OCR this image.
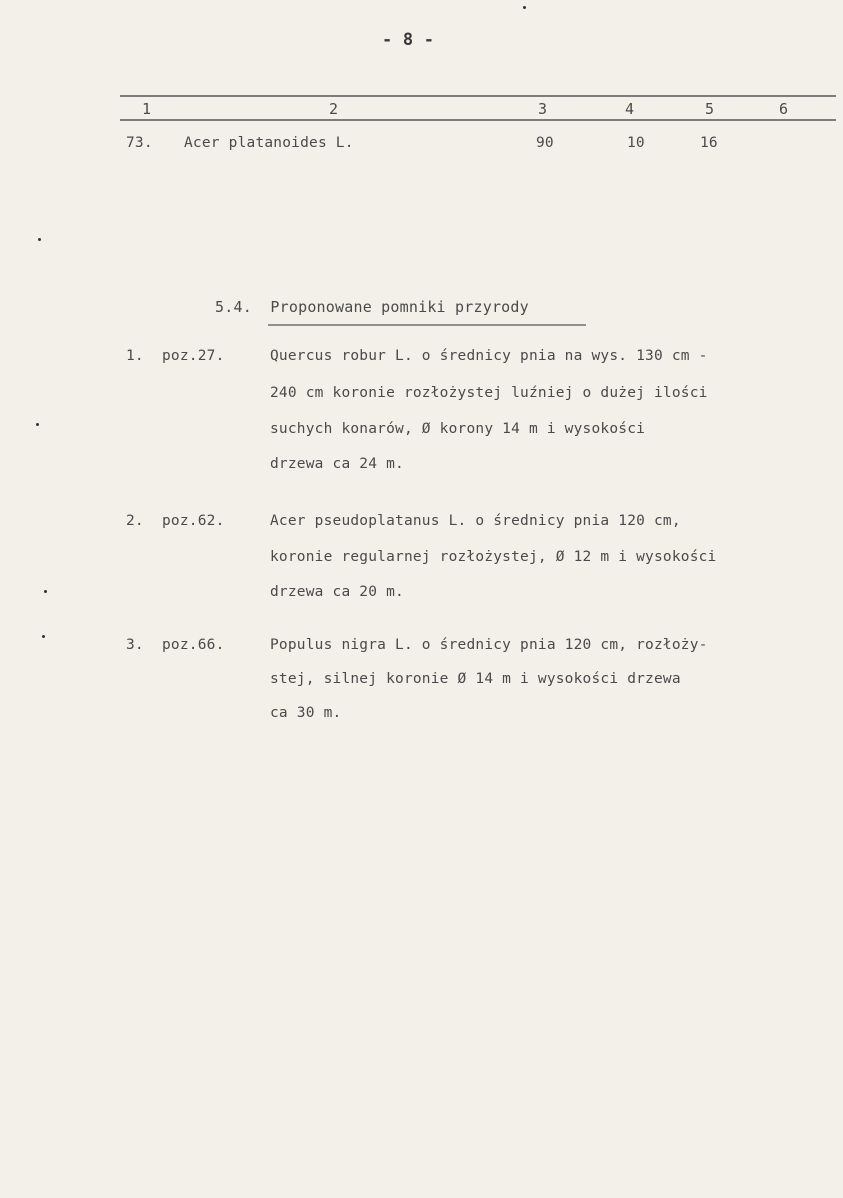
- 8 -
1	2	3	4	5	6
73. Acer platanoides L.	90	10	16
5.4. Proponowane pomniki przyrody
1. poz.27.	Quercus robur L. o średnicy pnia na wys. 130 cm -
240 cm koronie rozłożystej luźniej o dużej ilości
suchych konarów, Ø korony 14 m i wysokości
drzewa ca 24 m.
2. poz.62.	Acer pseudoplatanus L. o średnicy pnia 120 cm,
koronie regularnej rozłożystej, Ø 12 m i wysokości
drzewa ca 20 m.
3. poz.66.	Populus nigra L. o średnicy pnia 120 cm, rozłoży-
stej, silnej koronie Ø 14 m i wysokości drzewa
ca 30 m.
